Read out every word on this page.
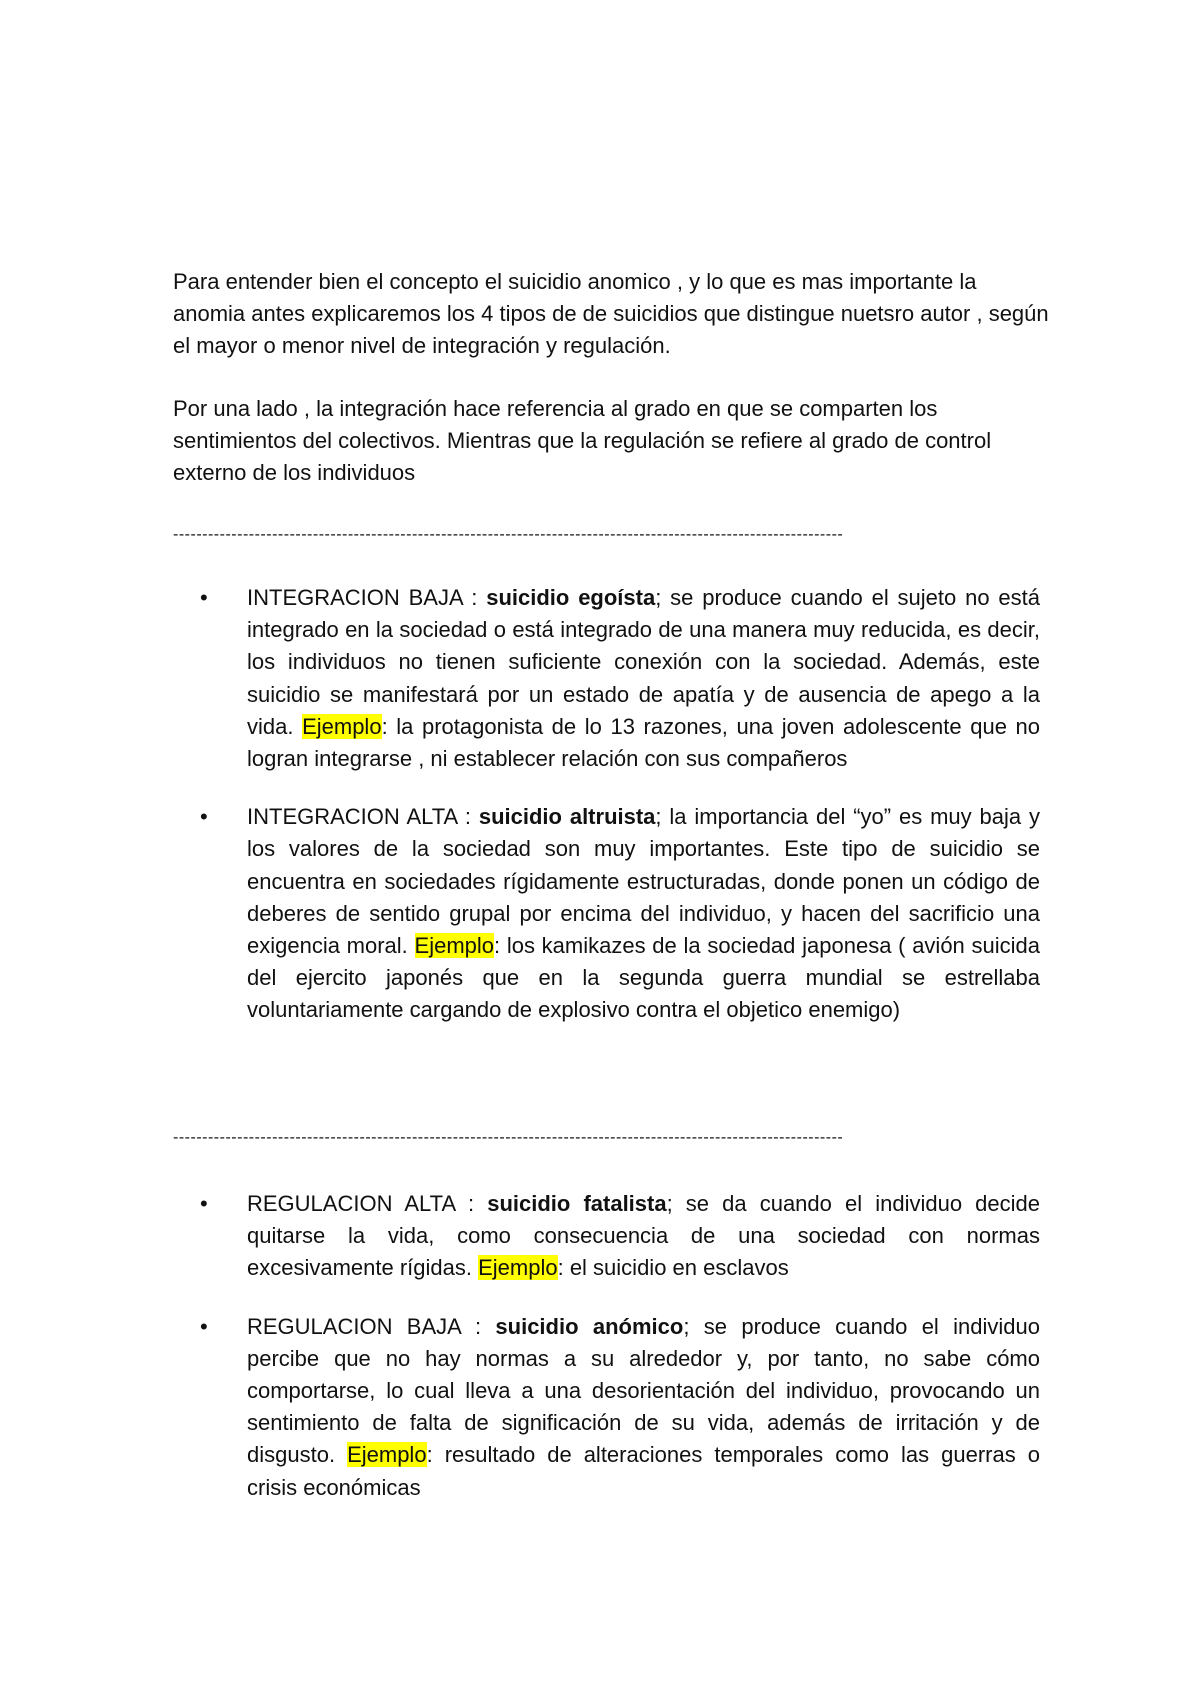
Para entender bien el concepto el suicidio anomico , y lo que es mas importante la anomia antes explicaremos los 4 tipos de de suicidios que distingue nuetsro autor , según el mayor o menor nivel de integración y regulación.

Por una lado , la integración hace referencia al grado en que se comparten los sentimientos del colectivos. Mientras que la regulación se refiere al grado de control externo de los individuos

-------------------------------------------------------------------------------------------------------------------
• INTEGRACION BAJA : suicidio egoísta; se produce cuando el sujeto no está integrado en la sociedad o está integrado de una manera muy reducida, es decir, los individuos no tienen suficiente conexión con la sociedad. Además, este suicidio se manifestará por un estado de apatía y de ausencia de apego a la vida. Ejemplo: la protagonista de lo 13 razones, una joven adolescente que no logran integrarse , ni establecer relación con sus compañeros
• INTEGRACION ALTA : suicidio altruista; la importancia del “yo” es muy baja y los valores de la sociedad son muy importantes. Este tipo de suicidio se encuentra en sociedades rígidamente estructuradas, donde ponen un código de deberes de sentido grupal por encima del individuo, y hacen del sacrificio una exigencia moral. Ejemplo: los kamikazes de la sociedad japonesa ( avión suicida del ejercito japonés que en la segunda guerra mundial se estrellaba voluntariamente cargando de explosivo contra el objetico enemigo)
-------------------------------------------------------------------------------------------------------------------
• REGULACION ALTA : suicidio fatalista; se da cuando el individuo decide quitarse la vida, como consecuencia de una sociedad con normas excesivamente rígidas. Ejemplo: el suicidio en esclavos
• REGULACION BAJA : suicidio anómico; se produce cuando el individuo percibe que no hay normas a su alrededor y, por tanto, no sabe cómo comportarse, lo cual lleva a una desorientación del individuo, provocando un sentimiento de falta de significación de su vida, además de irritación y de disgusto. Ejemplo: resultado de alteraciones temporales como las guerras o crisis económicas
